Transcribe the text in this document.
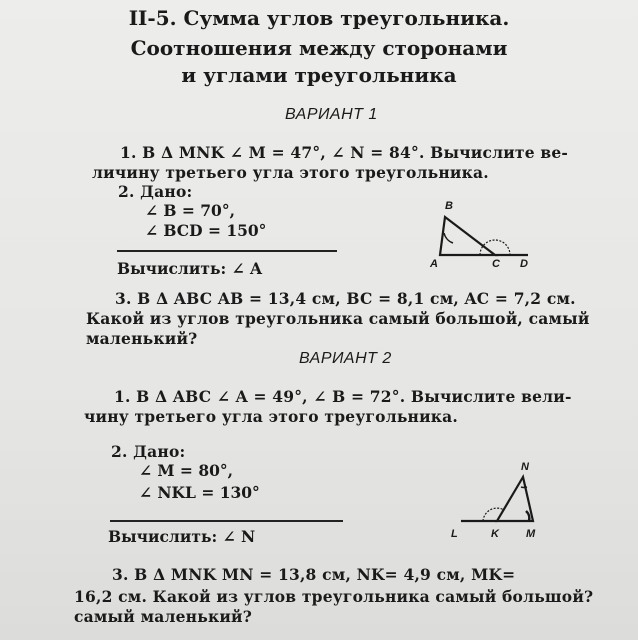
II-5. Сумма углов треугольника.
Соотношения между сторонами
и углами треугольника
ВАРИАНТ 1
1. В Δ MNK ∠ M = 47°, ∠ N = 84°. Вычислите ве-
личину третьего угла этого треугольника.
2. Дано:
∠ B = 70°,
∠ BCD = 150°
Вычислить: ∠ A
B
A	C D
3. В Δ ABC AB = 13,4 см, BC = 8,1 см, AC = 7,2 см.
Какой из углов треугольника самый большой, самый
маленький?
ВАРИАНТ 2
1. В Δ ABC ∠ A = 49°, ∠ B = 72°. Вычислите вели-
чину третьего угла этого треугольника.
2. Дано:
∠ M = 80°,
∠ NKL = 130°
Вычислить: ∠ N
N
L	K M
3. В Δ MNK MN = 13,8 см, NK= 4,9 см, MK=
16,2 см. Какой из углов треугольника самый большой?
самый маленький?
